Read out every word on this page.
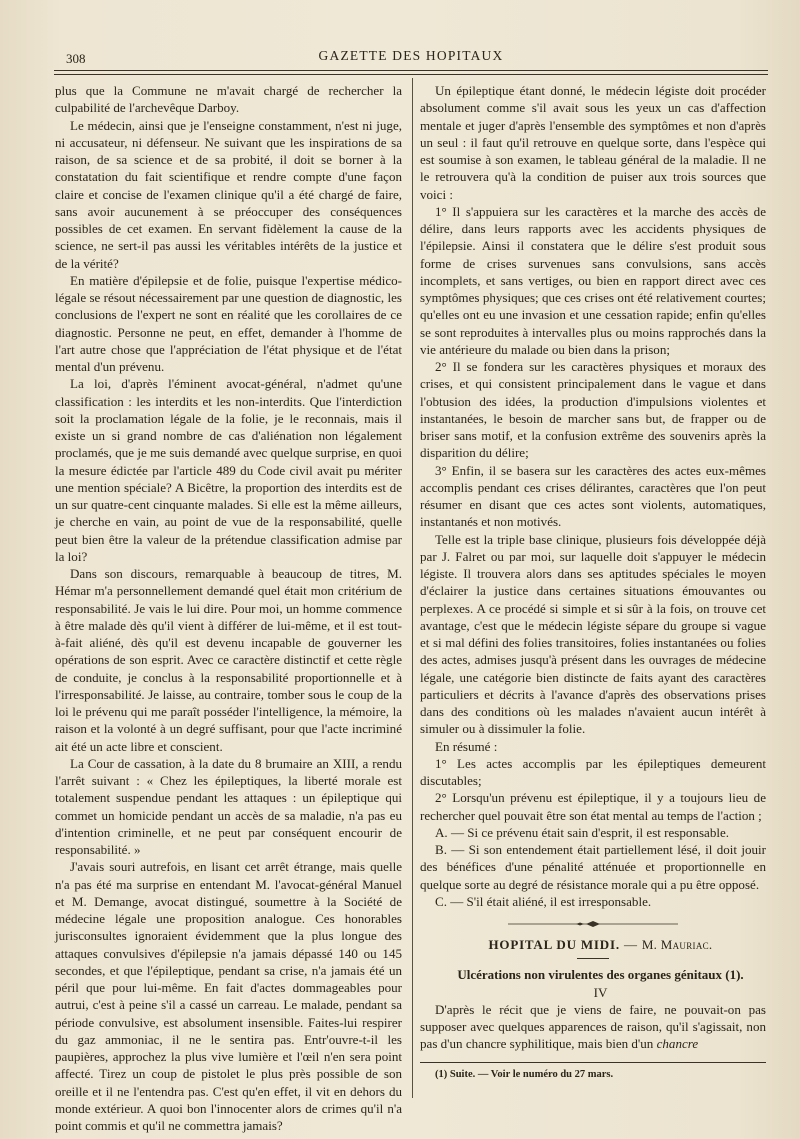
308	GAZETTE DES HOPITAUX

plus que la Commune ne m'avait chargé de rechercher la culpabilité de l'archevêque Darboy.

Le médecin, ainsi que je l'enseigne constamment, n'est ni juge, ni accusateur, ni défenseur. Ne suivant que les inspirations de sa raison, de sa science et de sa probité, il doit se borner à la constatation du fait scientifique et rendre compte d'une façon claire et concise de l'examen clinique qu'il a été chargé de faire, sans avoir aucunement à se préoccuper des conséquences possibles de cet examen. En servant fidèlement la cause de la science, ne sert-il pas aussi les véritables intérêts de la justice et de la vérité?

En matière d'épilepsie et de folie, puisque l'expertise médico-légale se résout nécessairement par une question de diagnostic, les conclusions de l'expert ne sont en réalité que les corollaires de ce diagnostic. Personne ne peut, en effet, demander à l'homme de l'art autre chose que l'appréciation de l'état physique et de l'état mental d'un prévenu.

La loi, d'après l'éminent avocat-général, n'admet qu'une classification : les interdits et les non-interdits. Que l'interdiction soit la proclamation légale de la folie, je le reconnais, mais il existe un si grand nombre de cas d'aliénation non légalement proclamés, que je me suis demandé avec quelque surprise, en quoi la mesure édictée par l'article 489 du Code civil avait pu mériter une mention spéciale? A Bicêtre, la proportion des interdits est de un sur quatre-cent cinquante malades. Si elle est la même ailleurs, je cherche en vain, au point de vue de la responsabilité, quelle peut bien être la valeur de la prétendue classification admise par la loi?

Dans son discours, remarquable à beaucoup de titres, M. Hémar m'a personnellement demandé quel était mon critérium de responsabilité. Je vais le lui dire. Pour moi, un homme commence à être malade dès qu'il vient à différer de lui-même, et il est tout-à-fait aliéné, dès qu'il est devenu incapable de gouverner les opérations de son esprit. Avec ce caractère distinctif et cette règle de conduite, je conclus à la responsabilité proportionnelle et à l'irresponsabilité. Je laisse, au contraire, tomber sous le coup de la loi le prévenu qui me paraît posséder l'intelligence, la mémoire, la raison et la volonté à un degré suffisant, pour que l'acte incriminé ait été un acte libre et conscient.

La Cour de cassation, à la date du 8 brumaire an XIII, a rendu l'arrêt suivant : « Chez les épileptiques, la liberté morale est totalement suspendue pendant les attaques : un épileptique qui commet un homicide pendant un accès de sa maladie, n'a pas eu d'intention criminelle, et ne peut par conséquent encourir de responsabilité. »

J'avais souri autrefois, en lisant cet arrêt étrange, mais quelle n'a pas été ma surprise en entendant M. l'avocat-général Manuel et M. Demange, avocat distingué, soumettre à la Société de médecine légale une proposition analogue. Ces honorables jurisconsultes ignoraient évidemment que la plus longue des attaques convulsives d'épilepsie n'a jamais dépassé 140 ou 145 secondes, et que l'épileptique, pendant sa crise, n'a jamais été un péril que pour lui-même. En fait d'actes dommageables pour autrui, c'est à peine s'il a cassé un carreau. Le malade, pendant sa période convulsive, est absolument insensible. Faites-lui respirer du gaz ammoniac, il ne le sentira pas. Entr'ouvre-t-il les paupières, approchez la plus vive lumière et l'œil n'en sera point affecté. Tirez un coup de pistolet le plus près possible de son oreille et il ne l'entendra pas. C'est qu'en effet, il vit en dehors du monde extérieur. A quoi bon l'innocenter alors de crimes qu'il n'a point commis et qu'il ne commettra jamais?

Un épileptique étant donné, le médecin légiste doit procéder absolument comme s'il avait sous les yeux un cas d'affection mentale et juger d'après l'ensemble des symptômes et non d'après un seul : il faut qu'il retrouve en quelque sorte, dans l'espèce qui est soumise à son examen, le tableau général de la maladie. Il ne le retrouvera qu'à la condition de puiser aux trois sources que voici :

1° Il s'appuiera sur les caractères et la marche des accès de délire, dans leurs rapports avec les accidents physiques de l'épilepsie. Ainsi il constatera que le délire s'est produit sous forme de crises survenues sans convulsions, sans accès incomplets, et sans vertiges, ou bien en rapport direct avec ces symptômes physiques; que ces crises ont été relativement courtes; qu'elles ont eu une invasion et une cessation rapide; enfin qu'elles se sont reproduites à intervalles plus ou moins rapprochés dans la vie antérieure du malade ou bien dans la prison;

2° Il se fondera sur les caractères physiques et moraux des crises, et qui consistent principalement dans le vague et dans l'obtusion des idées, la production d'impulsions violentes et instantanées, le besoin de marcher sans but, de frapper ou de briser sans motif, et la confusion extrême des souvenirs après la disparition du délire;

3° Enfin, il se basera sur les caractères des actes eux-mêmes accomplis pendant ces crises délirantes, caractères que l'on peut résumer en disant que ces actes sont violents, automatiques, instantanés et non motivés.

Telle est la triple base clinique, plusieurs fois développée déjà par J. Falret ou par moi, sur laquelle doit s'appuyer le médecin légiste. Il trouvera alors dans ses aptitudes spéciales le moyen d'éclairer la justice dans certaines situations émouvantes ou perplexes. A ce procédé si simple et si sûr à la fois, on trouve cet avantage, c'est que le médecin légiste sépare du groupe si vague et si mal défini des folies transitoires, folies instantanées ou folies des actes, admises jusqu'à présent dans les ouvrages de médecine légale, une catégorie bien distincte de faits ayant des caractères particuliers et décrits à l'avance d'après des observations prises dans des conditions où les malades n'avaient aucun intérêt à simuler ou à dissimuler la folie.

En résumé :

1° Les actes accomplis par les épileptiques demeurent discutables;

2° Lorsqu'un prévenu est épileptique, il y a toujours lieu de rechercher quel pouvait être son état mental au temps de l'action ;

A. — Si ce prévenu était sain d'esprit, il est responsable.

B. — Si son entendement était partiellement lésé, il doit jouir des bénéfices d'une pénalité atténuée et proportionnelle en quelque sorte au degré de résistance morale qui a pu être opposé.

C. — S'il était aliéné, il est irresponsable.

HOPITAL DU MIDI. — M. Mauriac.

Ulcérations non virulentes des organes génitaux (1).

IV

D'après le récit que je viens de faire, ne pouvait-on pas supposer avec quelques apparences de raison, qu'il s'agissait, non pas d'un chancre syphilitique, mais bien d'un chancre

(1) Suite. — Voir le numéro du 27 mars.
